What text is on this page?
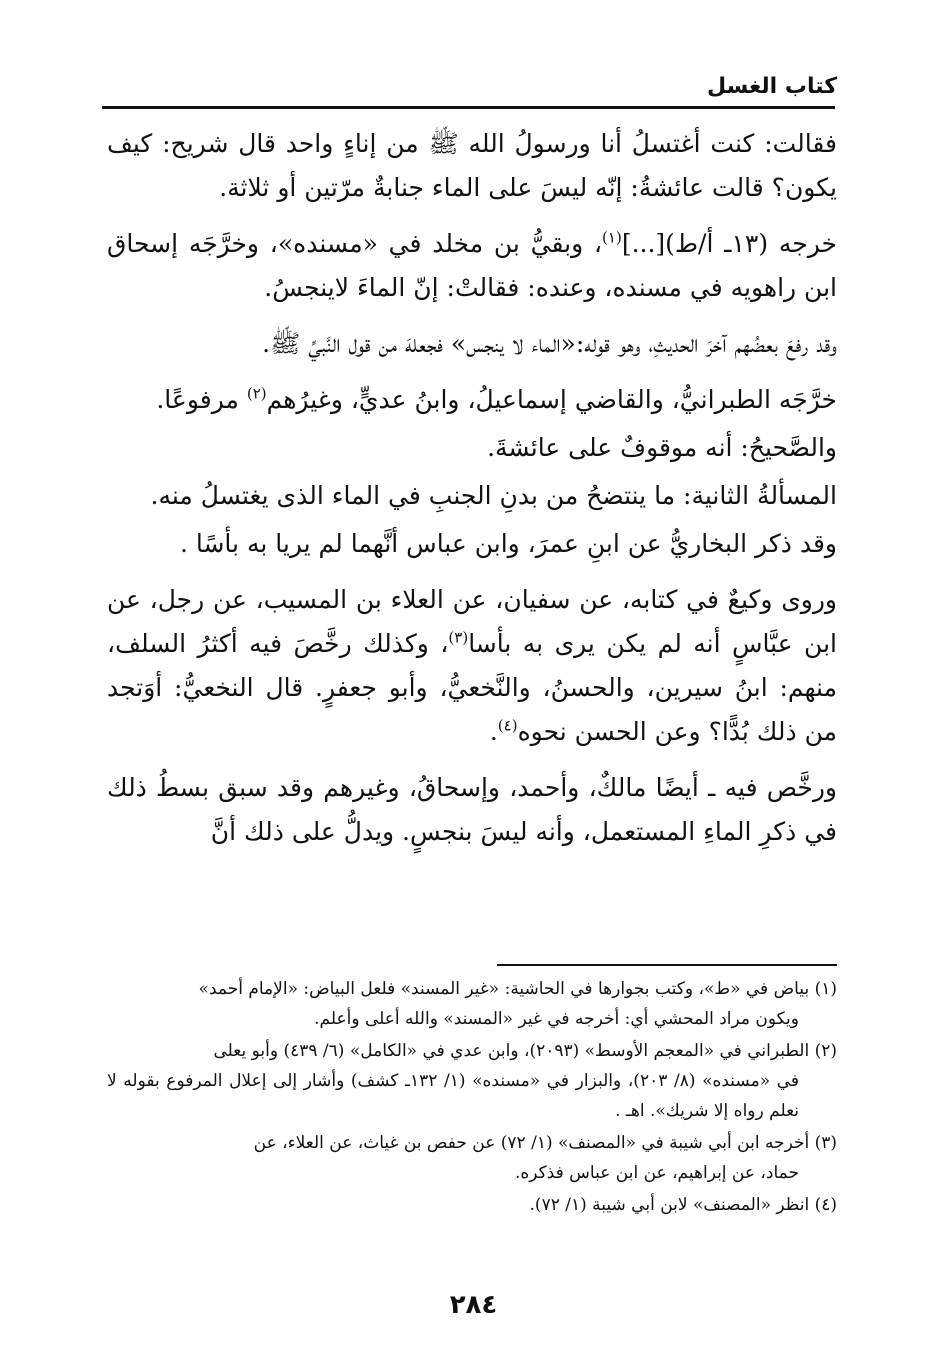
كتاب الغسل

فقالت: كنت أغتسلُ أنا ورسولُ الله ﷺ من إناءٍ واحد قال شريح: كيف يكون؟ قالت عائشةُ: إنّه ليسَ على الماء جنابةٌ مرّتين أو ثلاثة.

خرجه (١٣ـ أ/ط)[...]$^{(١)}$، وبقيُّ بن مخلد في «مسنده»، وخرَّجَه إسحاق ابن راهويه في مسنده، وعنده: فقالتْ: إنّ الماءَ لاينجسُ.

وقد رفعَ بعضُهم آخرَ الحديثِ، وهو قوله:«الماء لا ينجس» فجعلهَ من قول النَّبيِّ ﷺ.

خرَّجَه الطبرانيُّ، والقاضي إسماعيلُ، وابنُ عديٍّ، وغيرُهم$^{(٢)}$ مرفوعًا.

والصَّحيحُ: أنه موقوفٌ على عائشةَ.

المسألةُ الثانية: ما ينتضحُ من بدنِ الجنبِ في الماء الذى يغتسلُ منه.

وقد ذكر البخاريُّ عن ابنِ عمرَ، وابن عباس أنَّهما لم يريا به بأسًا .

وروى وكيعٌ في كتابه، عن سفيان، عن العلاء بن المسيب، عن رجل، عن ابن عبَّاسٍ أنه لم يكن يرى به بأسا$^{(٣)}$، وكذلك رخَّصَ فيه أكثرُ السلف، منهم: ابنُ سيرين، والحسنُ، والنَّخعيُّ، وأبو جعفرٍ. قال النخعيُّ: أوَتجد من ذلك بُدًّا؟ وعن الحسن نحوه$^{(٤)}$.

ورخَّص فيه ـ أيضًا مالكٌ، وأحمد، وإسحاقُ، وغيرهم وقد سبق بسطُ ذلك في ذكرِ الماءِ المستعمل، وأنه ليسَ بنجسٍ. ويدلُّ على ذلك أنَّ

(١) بياض في «ط»، وكتب بجوارها في الحاشية: «غير المسند» فلعل البياض: «الإمام أحمد»
ويكون مراد المحشي أي: أخرجه في غير «المسند» والله أعلى وأعلم.
(٢) الطبراني في «المعجم الأوسط» (٢٠٩٣)، وابن عدي في «الكامل» (٦/ ٤٣٩) وأبو يعلى
في «مسنده» (٨/ ٢٠٣)، والبزار في «مسنده» (١/ ١٣٢ـ كشف) وأشار إلى إعلال المرفوع بقوله لا نعلم رواه إلا شريك». اهـ .
(٣) أخرجه ابن أبي شيبة في «المصنف» (١/ ٧٢) عن حفص بن غياث، عن العلاء، عن
حماد، عن إبراهيم، عن ابن عباس فذكره.
(٤) انظر «المصنف» لابن أبي شيبة (١/ ٧٢).
٢٨٤
